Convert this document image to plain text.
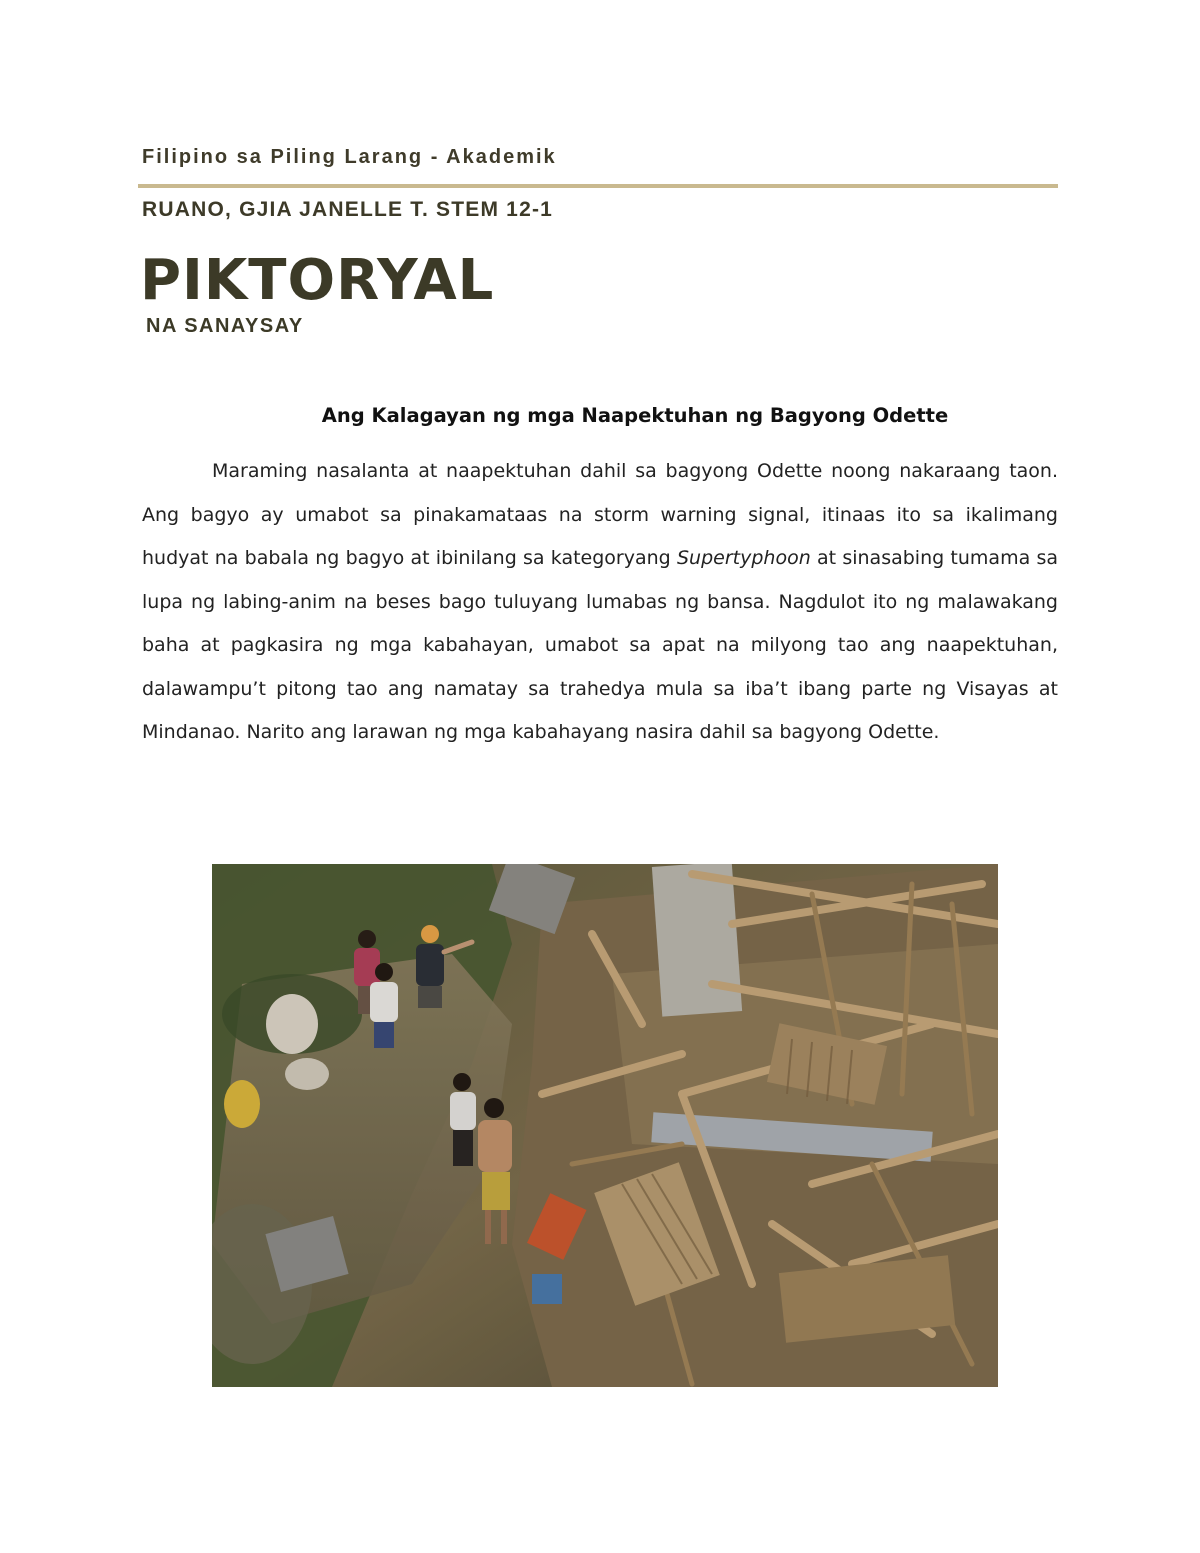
Filipino sa Piling Larang - Akademik
RUANO, GJIA JANELLE T. STEM 12-1
PIKTORYAL
NA SANAYSAY
Ang Kalagayan ng mga Naapektuhan ng Bagyong Odette

Maraming nasalanta at naapektuhan dahil sa bagyong Odette noong nakaraang taon. Ang bagyo ay umabot sa pinakamataas na storm warning signal, itinaas ito sa ikalimang hudyat na babala ng bagyo at ibinilang sa kategoryang Supertyphoon at sinasabing tumama sa lupa ng labing-anim na beses bago tuluyang lumabas ng bansa. Nagdulot ito ng malawakang baha at pagkasira ng mga kabahayan, umabot sa apat na milyong tao ang naapektuhan, dalawampu’t pitong tao ang namatay sa trahedya mula sa iba’t ibang parte ng Visayas at Mindanao. Narito ang larawan ng mga kabahayang nasira dahil sa bagyong Odette.
